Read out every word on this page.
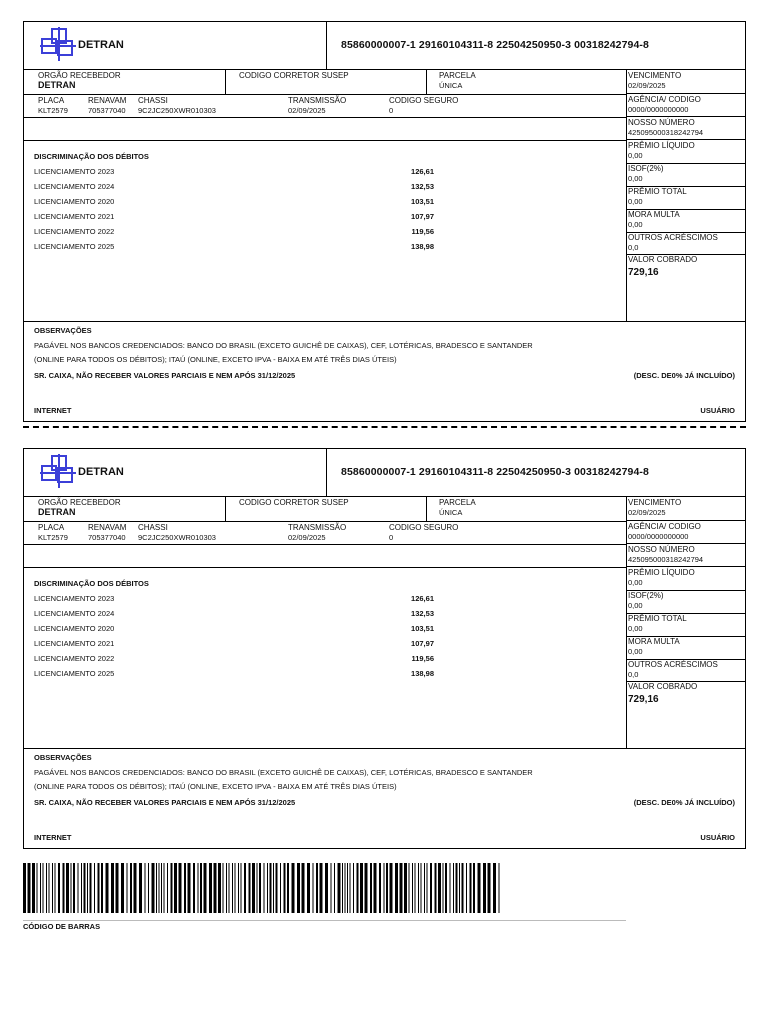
DETRAN	85860000007-1 29160104311-8 22504250950-3 00318242794-8
ORGÃO RECEBEDOR
DETRAN
CODIGO CORRETOR SUSEP	PARCELA
ÚNICA
PLACA
KLT2579
RENAVAM
705377040
CHASSI
9C2JC250XWR010303
TRANSMISSÃO
02/09/2025
CODIGO SEGURO
0
VENCIMENTO
02/09/2025
AGÊNCIA/ CODIGO
0000/0000000000
NOSSO NÚMERO
425095000318242794
PRÊMIO LÍQUIDO
0,00
ISOF(2%)
0,00
PRÊMIO TOTAL
0,00
MORA MULTA
0,00
OUTROS ACRÉSCIMOS
0,0
VALOR COBRADO
729,16
DISCRIMINAÇÃO DOS DÉBITOS
LICENCIAMENTO 2023	126,61
LICENCIAMENTO 2024	132,53
LICENCIAMENTO 2020	103,51
LICENCIAMENTO 2021	107,97
LICENCIAMENTO 2022	119,56
LICENCIAMENTO 2025	138,98
OBSERVAÇÕES
PAGÁVEL NOS BANCOS CREDENCIADOS: BANCO DO BRASIL (EXCETO GUICHÊ DE CAIXAS), CEF, LOTÉRICAS, BRADESCO E SANTANDER
(ONLINE PARA TODOS OS DÉBITOS); ITAÚ (ONLINE, EXCETO IPVA - BAIXA EM ATÉ TRÊS DIAS ÚTEIS)
SR. CAIXA, NÃO RECEBER VALORES PARCIAIS E NEM APÓS 31/12/2025	(DESC. DE0% JÁ INCLUÍDO)
INTERNET	USUÁRIO
DETRAN	85860000007-1 29160104311-8 22504250950-3 00318242794-8
ORGÃO RECEBEDOR
DETRAN
CODIGO CORRETOR SUSEP	PARCELA
ÚNICA
PLACA
KLT2579
RENAVAM
705377040
CHASSI
9C2JC250XWR010303
TRANSMISSÃO
02/09/2025
CODIGO SEGURO
0
VENCIMENTO
02/09/2025
AGÊNCIA/ CODIGO
0000/0000000000
NOSSO NÚMERO
425095000318242794
PRÊMIO LÍQUIDO
0,00
ISOF(2%)
0,00
PRÊMIO TOTAL
0,00
MORA MULTA
0,00
OUTROS ACRÉSCIMOS
0,0
VALOR COBRADO
729,16
DISCRIMINAÇÃO DOS DÉBITOS
LICENCIAMENTO 2023	126,61
LICENCIAMENTO 2024	132,53
LICENCIAMENTO 2020	103,51
LICENCIAMENTO 2021	107,97
LICENCIAMENTO 2022	119,56
LICENCIAMENTO 2025	138,98
OBSERVAÇÕES
PAGÁVEL NOS BANCOS CREDENCIADOS: BANCO DO BRASIL (EXCETO GUICHÊ DE CAIXAS), CEF, LOTÉRICAS, BRADESCO E SANTANDER
(ONLINE PARA TODOS OS DÉBITOS); ITAÚ (ONLINE, EXCETO IPVA - BAIXA EM ATÉ TRÊS DIAS ÚTEIS)
SR. CAIXA, NÃO RECEBER VALORES PARCIAIS E NEM APÓS 31/12/2025	(DESC. DE0% JÁ INCLUÍDO)
INTERNET	USUÁRIO
CÓDIGO DE BARRAS
